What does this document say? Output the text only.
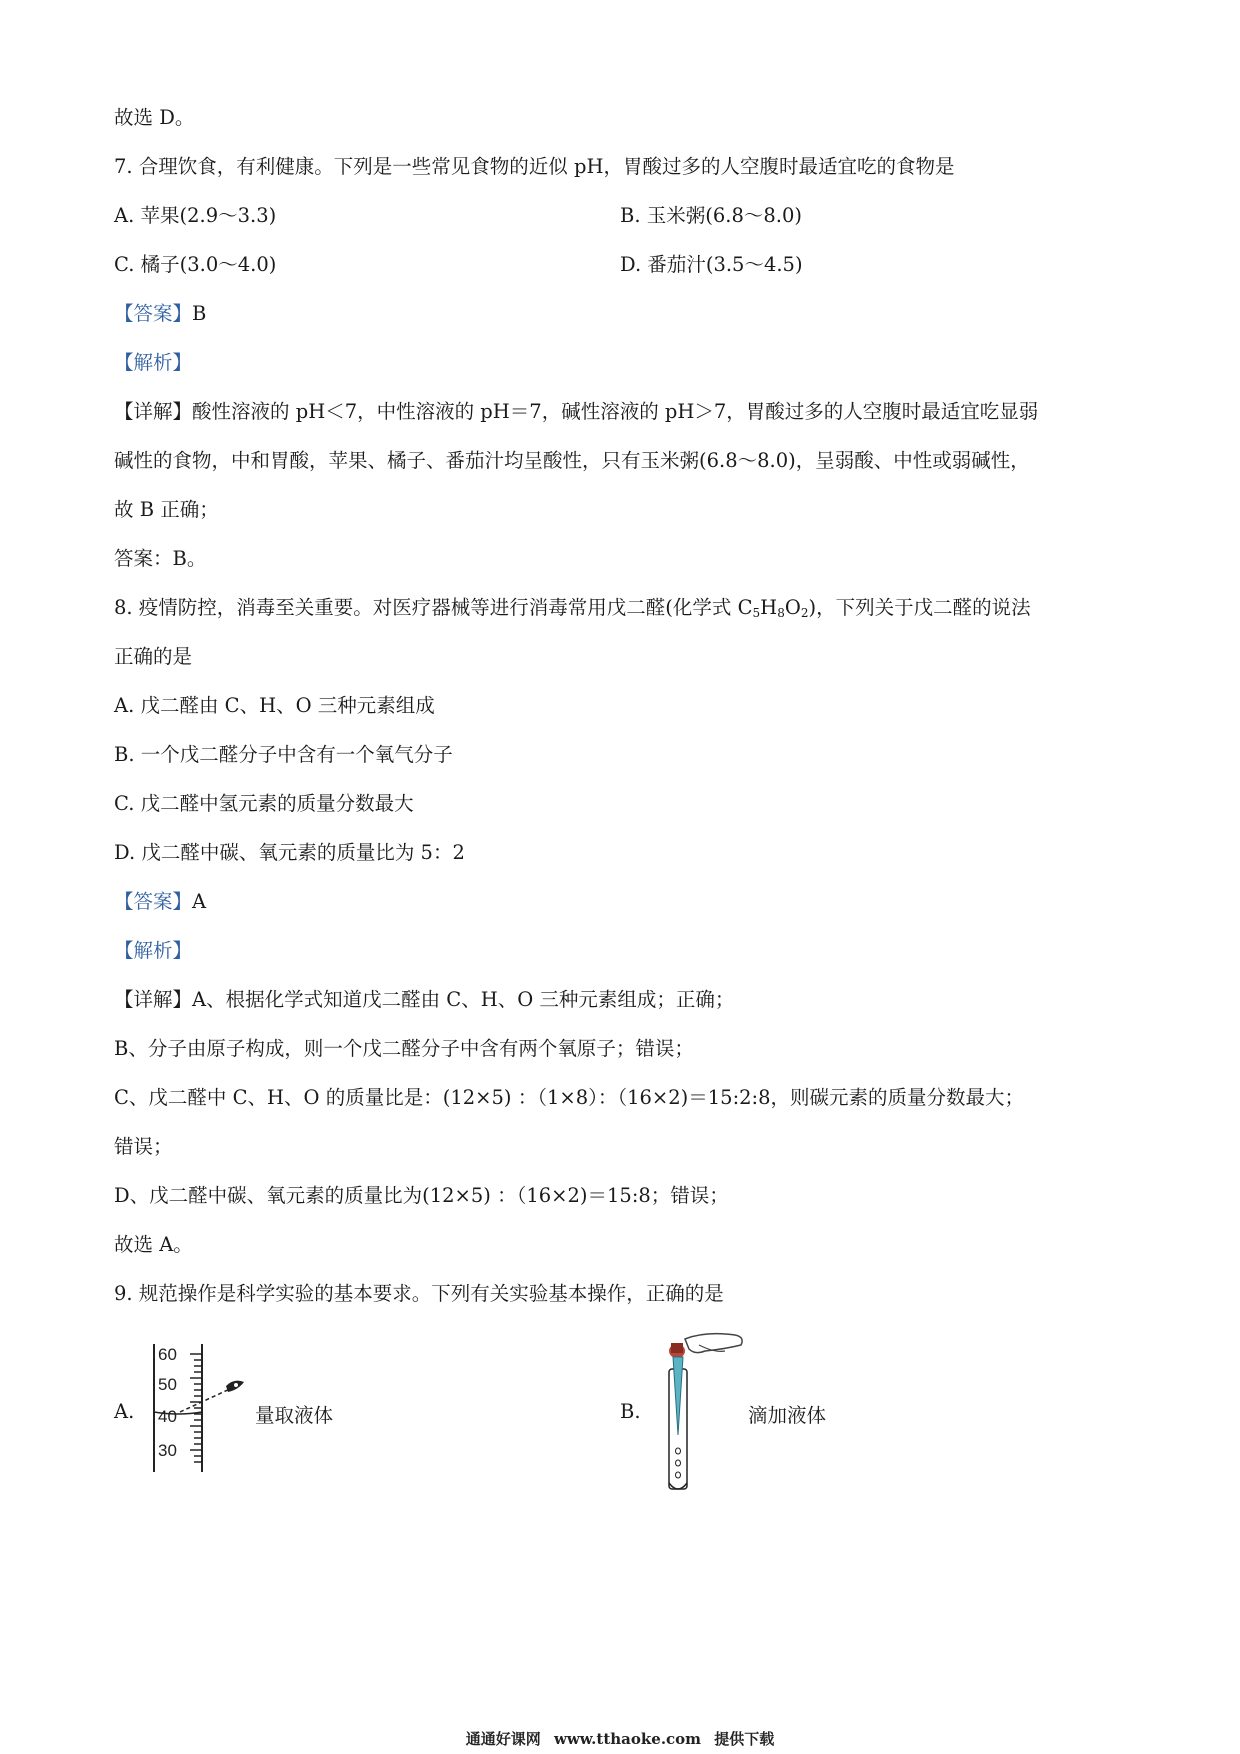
故选 D。
7. 合理饮食，有利健康。下列是一些常见食物的近似 pH，胃酸过多的人空腹时最适宜吃的食物是
A. 苹果(2.9～3.3)	B. 玉米粥(6.8～8.0)
C. 橘子(3.0～4.0)	D. 番茄汁(3.5～4.5)
【答案】B
【解析】
【详解】酸性溶液的 pH＜7，中性溶液的 pH＝7，碱性溶液的 pH＞7，胃酸过多的人空腹时最适宜吃显弱
碱性的食物，中和胃酸，苹果、橘子、番茄汁均呈酸性，只有玉米粥(6.8～8.0)，呈弱酸、中性或弱碱性，
故 B 正确；
答案：B。
8. 疫情防控，消毒至关重要。对医疗器械等进行消毒常用戊二醛(化学式 $C_5H_8O_2$)，下列关于戊二醛的说法
正确的是
A. 戊二醛由 C、H、O 三种元素组成
B. 一个戊二醛分子中含有一个氧气分子
C. 戊二醛中氢元素的质量分数最大
D. 戊二醛中碳、氧元素的质量比为 5：2
【答案】A
【解析】
【详解】A、根据化学式知道戊二醛由 C、H、O 三种元素组成；正确；
B、分子由原子构成，则一个戊二醛分子中含有两个氧原子；错误；
C、戊二醛中 C、H、O 的质量比是：(12×5) ：（1×8）：（16×2)＝15:2:8，则碳元素的质量分数最大；
错误；
D、戊二醛中碳、氧元素的质量比为(12×5) ：（16×2)＝15:8；错误；
故选 A。
9. 规范操作是科学实验的基本要求。下列有关实验基本操作，正确的是
A.
60
50
40
30
量取液体	B.	滴加液体
通通好课网 www.tthaoke.com 提供下载
